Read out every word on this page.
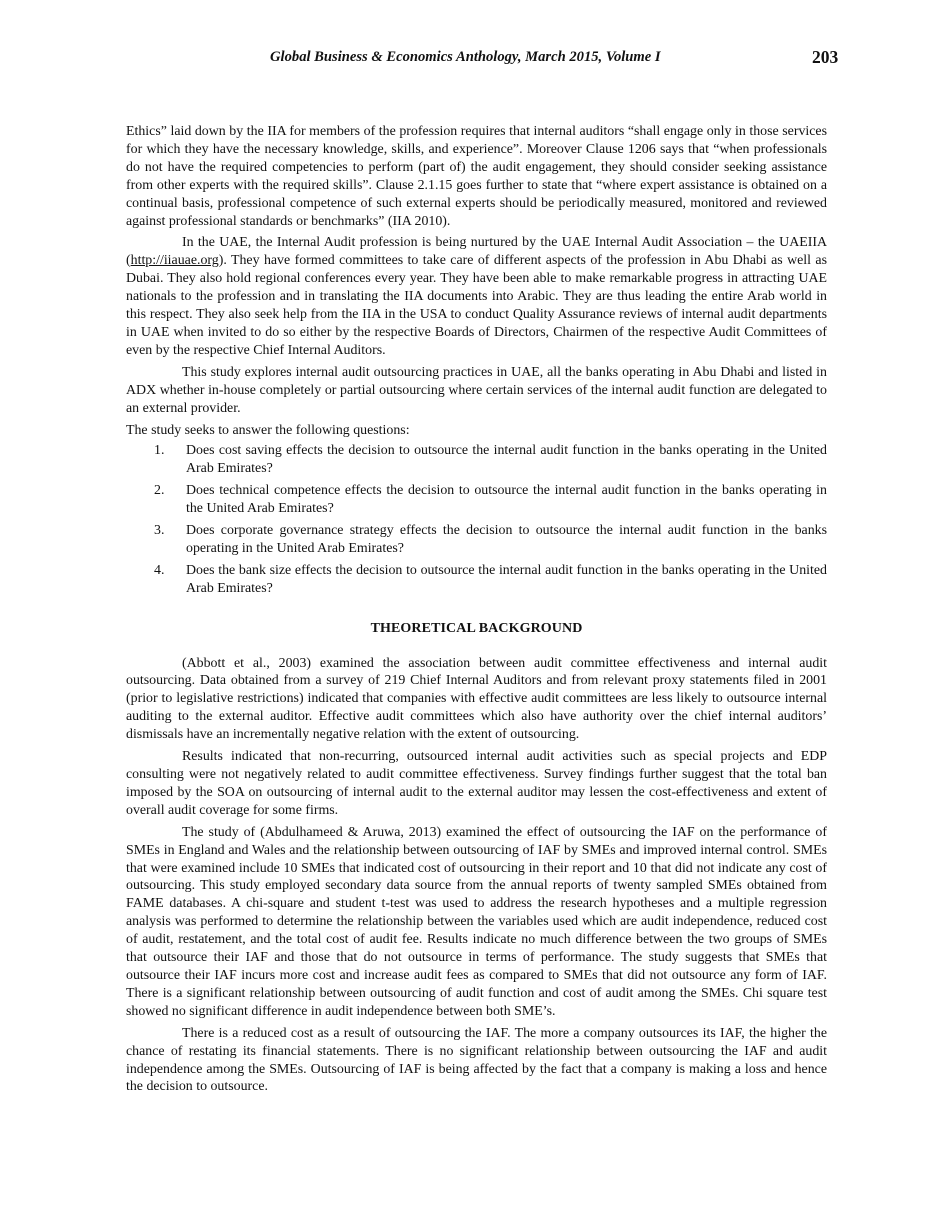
Global Business & Economics Anthology, March 2015, Volume I	203

Ethics” laid down by the IIA for members of the profession requires that internal auditors “shall engage only in those services for which they have the necessary knowledge, skills, and experience”. Moreover Clause 1206 says that “when professionals do not have the required competencies to perform (part of) the audit engagement, they should consider seeking assistance from other experts with the required skills”. Clause 2.1.15 goes further to state that “where expert assistance is obtained on a continual basis, professional competence of such external experts should be periodically measured, monitored and reviewed against professional standards or benchmarks” (IIA 2010).

In the UAE, the Internal Audit profession is being nurtured by the UAE Internal Audit Association – the UAEIIA (http://iiauae.org). They have formed committees to take care of different aspects of the profession in Abu Dhabi as well as Dubai. They also hold regional conferences every year. They have been able to make remarkable progress in attracting UAE nationals to the profession and in translating the IIA documents into Arabic. They are thus leading the entire Arab world in this respect. They also seek help from the IIA in the USA to conduct Quality Assurance reviews of internal audit departments in UAE when invited to do so either by the respective Boards of Directors, Chairmen of the respective Audit Committees of even by the respective Chief Internal Auditors.

This study explores internal audit outsourcing practices in UAE, all the banks operating in Abu Dhabi and listed in ADX whether in-house completely or partial outsourcing where certain services of the internal audit function are delegated to an external provider.

The study seeks to answer the following questions:

1. Does cost saving effects the decision to outsource the internal audit function in the banks operating in the United Arab Emirates?
2. Does technical competence effects the decision to outsource the internal audit function in the banks operating in the United Arab Emirates?
3. Does corporate governance strategy effects the decision to outsource the internal audit function in the banks operating in the United Arab Emirates?
4. Does the bank size effects the decision to outsource the internal audit function in the banks operating in the United Arab Emirates?
THEORETICAL BACKGROUND

(Abbott et al., 2003) examined the association between audit committee effectiveness and internal audit outsourcing. Data obtained from a survey of 219 Chief Internal Auditors and from relevant proxy statements filed in 2001 (prior to legislative restrictions) indicated that companies with effective audit committees are less likely to outsource internal auditing to the external auditor. Effective audit committees which also have authority over the chief internal auditors’ dismissals have an incrementally negative relation with the extent of outsourcing.

Results indicated that non-recurring, outsourced internal audit activities such as special projects and EDP consulting were not negatively related to audit committee effectiveness. Survey findings further suggest that the total ban imposed by the SOA on outsourcing of internal audit to the external auditor may lessen the cost-effectiveness and extent of overall audit coverage for some firms.

The study of (Abdulhameed & Aruwa, 2013) examined the effect of outsourcing the IAF on the performance of SMEs in England and Wales and the relationship between outsourcing of IAF by SMEs and improved internal control. SMEs that were examined include 10 SMEs that indicated cost of outsourcing in their report and 10 that did not indicate any cost of outsourcing. This study employed secondary data source from the annual reports of twenty sampled SMEs obtained from FAME databases. A chi-square and student t-test was used to address the research hypotheses and a multiple regression analysis was performed to determine the relationship between the variables used which are audit independence, reduced cost of audit, restatement, and the total cost of audit fee. Results indicate no much difference between the two groups of SMEs that outsource their IAF and those that do not outsource in terms of performance. The study suggests that SMEs that outsource their IAF incurs more cost and increase audit fees as compared to SMEs that did not outsource any form of IAF. There is a significant relationship between outsourcing of audit function and cost of audit among the SMEs. Chi square test showed no significant difference in audit independence between both SME’s.

There is a reduced cost as a result of outsourcing the IAF. The more a company outsources its IAF, the higher the chance of restating its financial statements. There is no significant relationship between outsourcing the IAF and audit independence among the SMEs. Outsourcing of IAF is being affected by the fact that a company is making a loss and hence the decision to outsource.
